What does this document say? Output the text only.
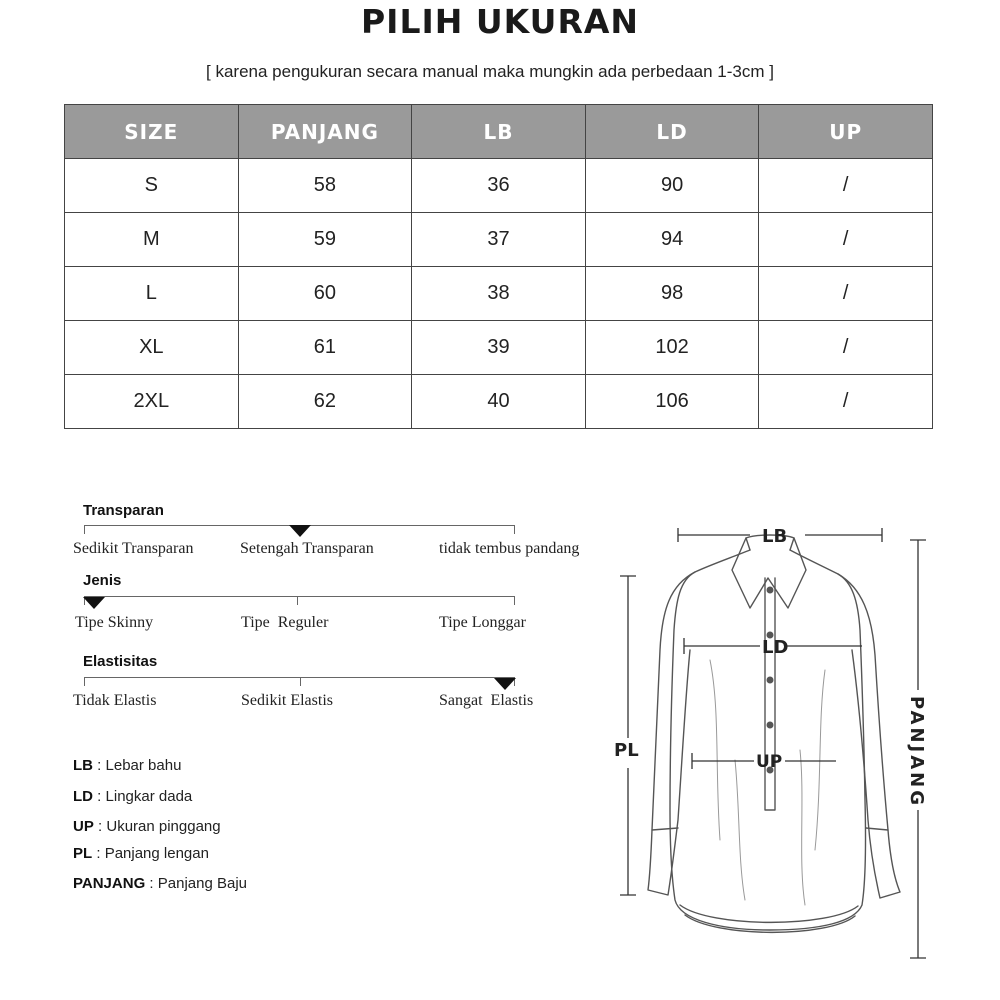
PILIH UKURAN
[ karena pengukuran secara manual maka mungkin ada perbedaan 1-3cm ]
SIZE	PANJANG	LB	LD	UP
S	58	36	90	/
M	59	37	94	/
L	60	38	98	/
XL	61	39	102	/
2XL	62	40	106	/
Transparan
Sedikit Transparan	Setengah Transparan	tidak tembus pandang
Jenis
Tipe Skinny	Tipe  Reguler	Tipe Longgar
Elastisitas
Tidak Elastis	Sedikit Elastis	Sangat  Elastis
LB : Lebar bahu
LD : Lingkar dada
UP : Ukuran pinggang
PL : Panjang lengan
PANJANG : Panjang Baju
LB
LD
UP
PL	PANJANG
